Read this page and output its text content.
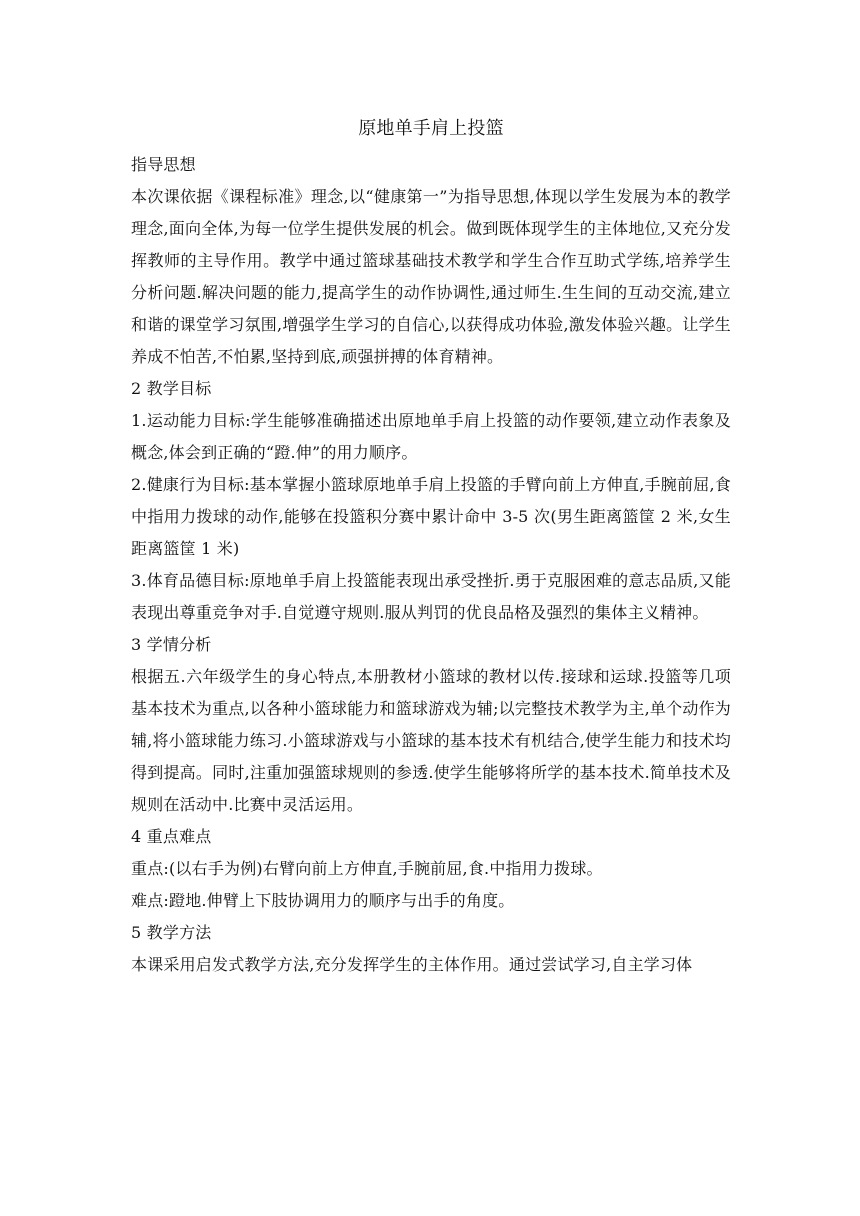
原地单手肩上投篮

指导思想

本次课依据《课程标准》理念,以“健康第一”为指导思想,体现以学生发展为本的教学理念,面向全体,为每一位学生提供发展的机会。做到既体现学生的主体地位,又充分发挥教师的主导作用。教学中通过篮球基础技术教学和学生合作互助式学练,培养学生分析问题.解决问题的能力,提高学生的动作协调性,通过师生.生生间的互动交流,建立和谐的课堂学习氛围,增强学生学习的自信心,以获得成功体验,激发体验兴趣。让学生养成不怕苦,不怕累,坚持到底,顽强拼搏的体育精神。

2 教学目标

1.运动能力目标:学生能够准确描述出原地单手肩上投篮的动作要领,建立动作表象及概念,体会到正确的“蹬.伸”的用力顺序。

2.健康行为目标:基本掌握小篮球原地单手肩上投篮的手臂向前上方伸直,手腕前屈,食中指用力拨球的动作,能够在投篮积分赛中累计命中 3-5 次(男生距离篮筐 2 米,女生距离篮筐 1 米)

3.体育品德目标:原地单手肩上投篮能表现出承受挫折.勇于克服困难的意志品质,又能表现出尊重竞争对手.自觉遵守规则.服从判罚的优良品格及强烈的集体主义精神。

3 学情分析

根据五.六年级学生的身心特点,本册教材小篮球的教材以传.接球和运球.投篮等几项基本技术为重点,以各种小篮球能力和篮球游戏为辅;以完整技术教学为主,单个动作为辅,将小篮球能力练习.小篮球游戏与小篮球的基本技术有机结合,使学生能力和技术均得到提高。同时,注重加强篮球规则的参透.使学生能够将所学的基本技术.简单技术及规则在活动中.比赛中灵活运用。

4 重点难点

重点:(以右手为例)右臂向前上方伸直,手腕前屈,食.中指用力拨球。

难点:蹬地.伸臂上下肢协调用力的顺序与出手的角度。

5 教学方法

本课采用启发式教学方法,充分发挥学生的主体作用。通过尝试学习,自主学习体
